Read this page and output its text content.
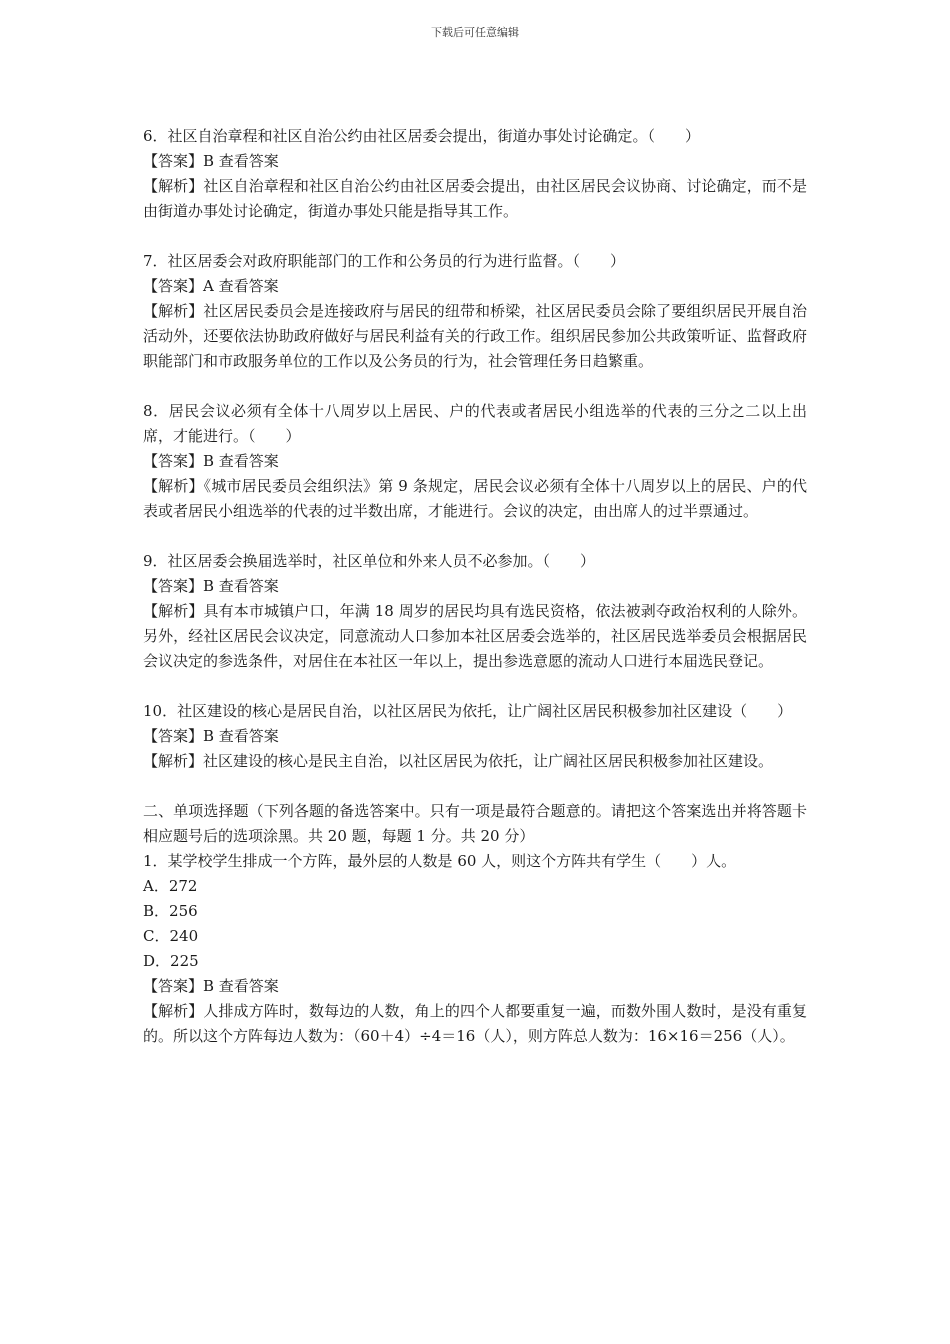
下载后可任意编辑
6．社区自治章程和社区自治公约由社区居委会提出，街道办事处讨论确定。（　　）
【答案】B 查看答案
【解析】社区自治章程和社区自治公约由社区居委会提出，由社区居民会议协商、讨论确定，而不是由街道办事处讨论确定，街道办事处只能是指导其工作。
7．社区居委会对政府职能部门的工作和公务员的行为进行监督。（　　）
【答案】A 查看答案
【解析】社区居民委员会是连接政府与居民的纽带和桥梁，社区居民委员会除了要组织居民开展自治活动外，还要依法协助政府做好与居民利益有关的行政工作。组织居民参加公共政策听证、监督政府职能部门和市政服务单位的工作以及公务员的行为，社会管理任务日趋繁重。
8．居民会议必须有全体十八周岁以上居民、户的代表或者居民小组选举的代表的三分之二以上出席，才能进行。（　　）
【答案】B 查看答案
【解析】《城市居民委员会组织法》第 9 条规定，居民会议必须有全体十八周岁以上的居民、户的代表或者居民小组选举的代表的过半数出席，才能进行。会议的决定，由出席人的过半票通过。
9．社区居委会换届选举时，社区单位和外来人员不必参加。（　　）
【答案】B 查看答案
【解析】具有本市城镇户口，年满 18 周岁的居民均具有选民资格，依法被剥夺政治权利的人除外。另外，经社区居民会议决定，同意流动人口参加本社区居委会选举的，社区居民选举委员会根据居民会议决定的参选条件，对居住在本社区一年以上，提出参选意愿的流动人口进行本届选民登记。
10．社区建设的核心是居民自治，以社区居民为依托，让广阔社区居民积极参加社区建设（　　）
【答案】B 查看答案
【解析】社区建设的核心是民主自治，以社区居民为依托，让广阔社区居民积极参加社区建设。
二、单项选择题（下列各题的备选答案中。只有一项是最符合题意的。请把这个答案选出并将答题卡相应题号后的选项涂黑。共 20 题，每题 1 分。共 20 分）
1．某学校学生排成一个方阵，最外层的人数是 60 人，则这个方阵共有学生（　　）人。
A．272
B．256
C．240
D．225
【答案】B 查看答案
【解析】人排成方阵时，数每边的人数，角上的四个人都要重复一遍，而数外围人数时，是没有重复的。所以这个方阵每边人数为：（60＋4）÷4＝16（人），则方阵总人数为：16×16＝256（人）。
